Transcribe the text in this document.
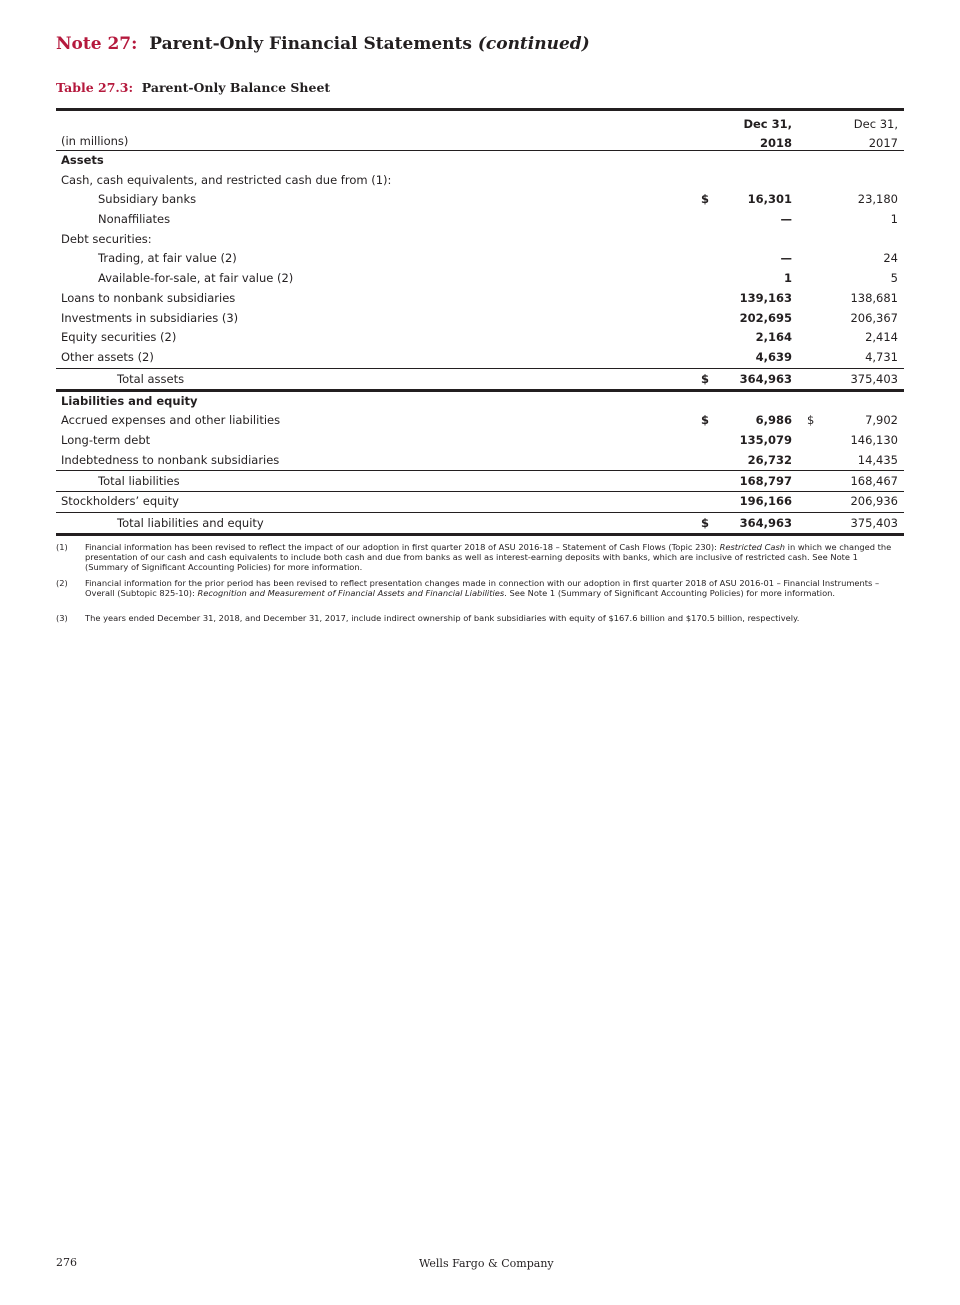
Note 27: Parent-Only Financial Statements (continued)
Table 27.3: Parent-Only Balance Sheet
(in millions)
Dec 31,
2018
Dec 31,
2017
Assets
Cash, cash equivalents, and restricted cash due from (1):
Subsidiary banks	$	16,301	23,180
Nonaffiliates	—	1
Debt securities:
Trading, at fair value (2)	—	24
Available-for-sale, at fair value (2)	1	5
Loans to nonbank subsidiaries	139,163	138,681
Investments in subsidiaries (3)	202,695	206,367
Equity securities (2)	2,164	2,414
Other assets (2)	4,639	4,731
Total assets	$	364,963	375,403
Liabilities and equity
Accrued expenses and other liabilities	$	6,986 $	7,902
Long-term debt	135,079	146,130
Indebtedness to nonbank subsidiaries	26,732	14,435
Total liabilities	168,797	168,467
Stockholders’ equity	196,166	206,936
Total liabilities and equity	$	364,963	375,403
(1) Financial information has been revised to reflect the impact of our adoption in first quarter 2018 of ASU 2016-18 – Statement of Cash Flows (Topic 230): Restricted Cash in which we changed the presentation of our cash and cash equivalents to include both cash and due from banks as well as interest-earning deposits with banks, which are inclusive of restricted cash. See Note 1 (Summary of Significant Accounting Policies) for more information.
(2) Financial information for the prior period has been revised to reflect presentation changes made in connection with our adoption in first quarter 2018 of ASU 2016-01 – Financial Instruments – Overall (Subtopic 825-10): Recognition and Measurement of Financial Assets and Financial Liabilities. See Note 1 (Summary of Significant Accounting Policies) for more information.
(3) The years ended December 31, 2018, and December 31, 2017, include indirect ownership of bank subsidiaries with equity of $167.6 billion and $170.5 billion, respectively.
276	Wells Fargo & Company
